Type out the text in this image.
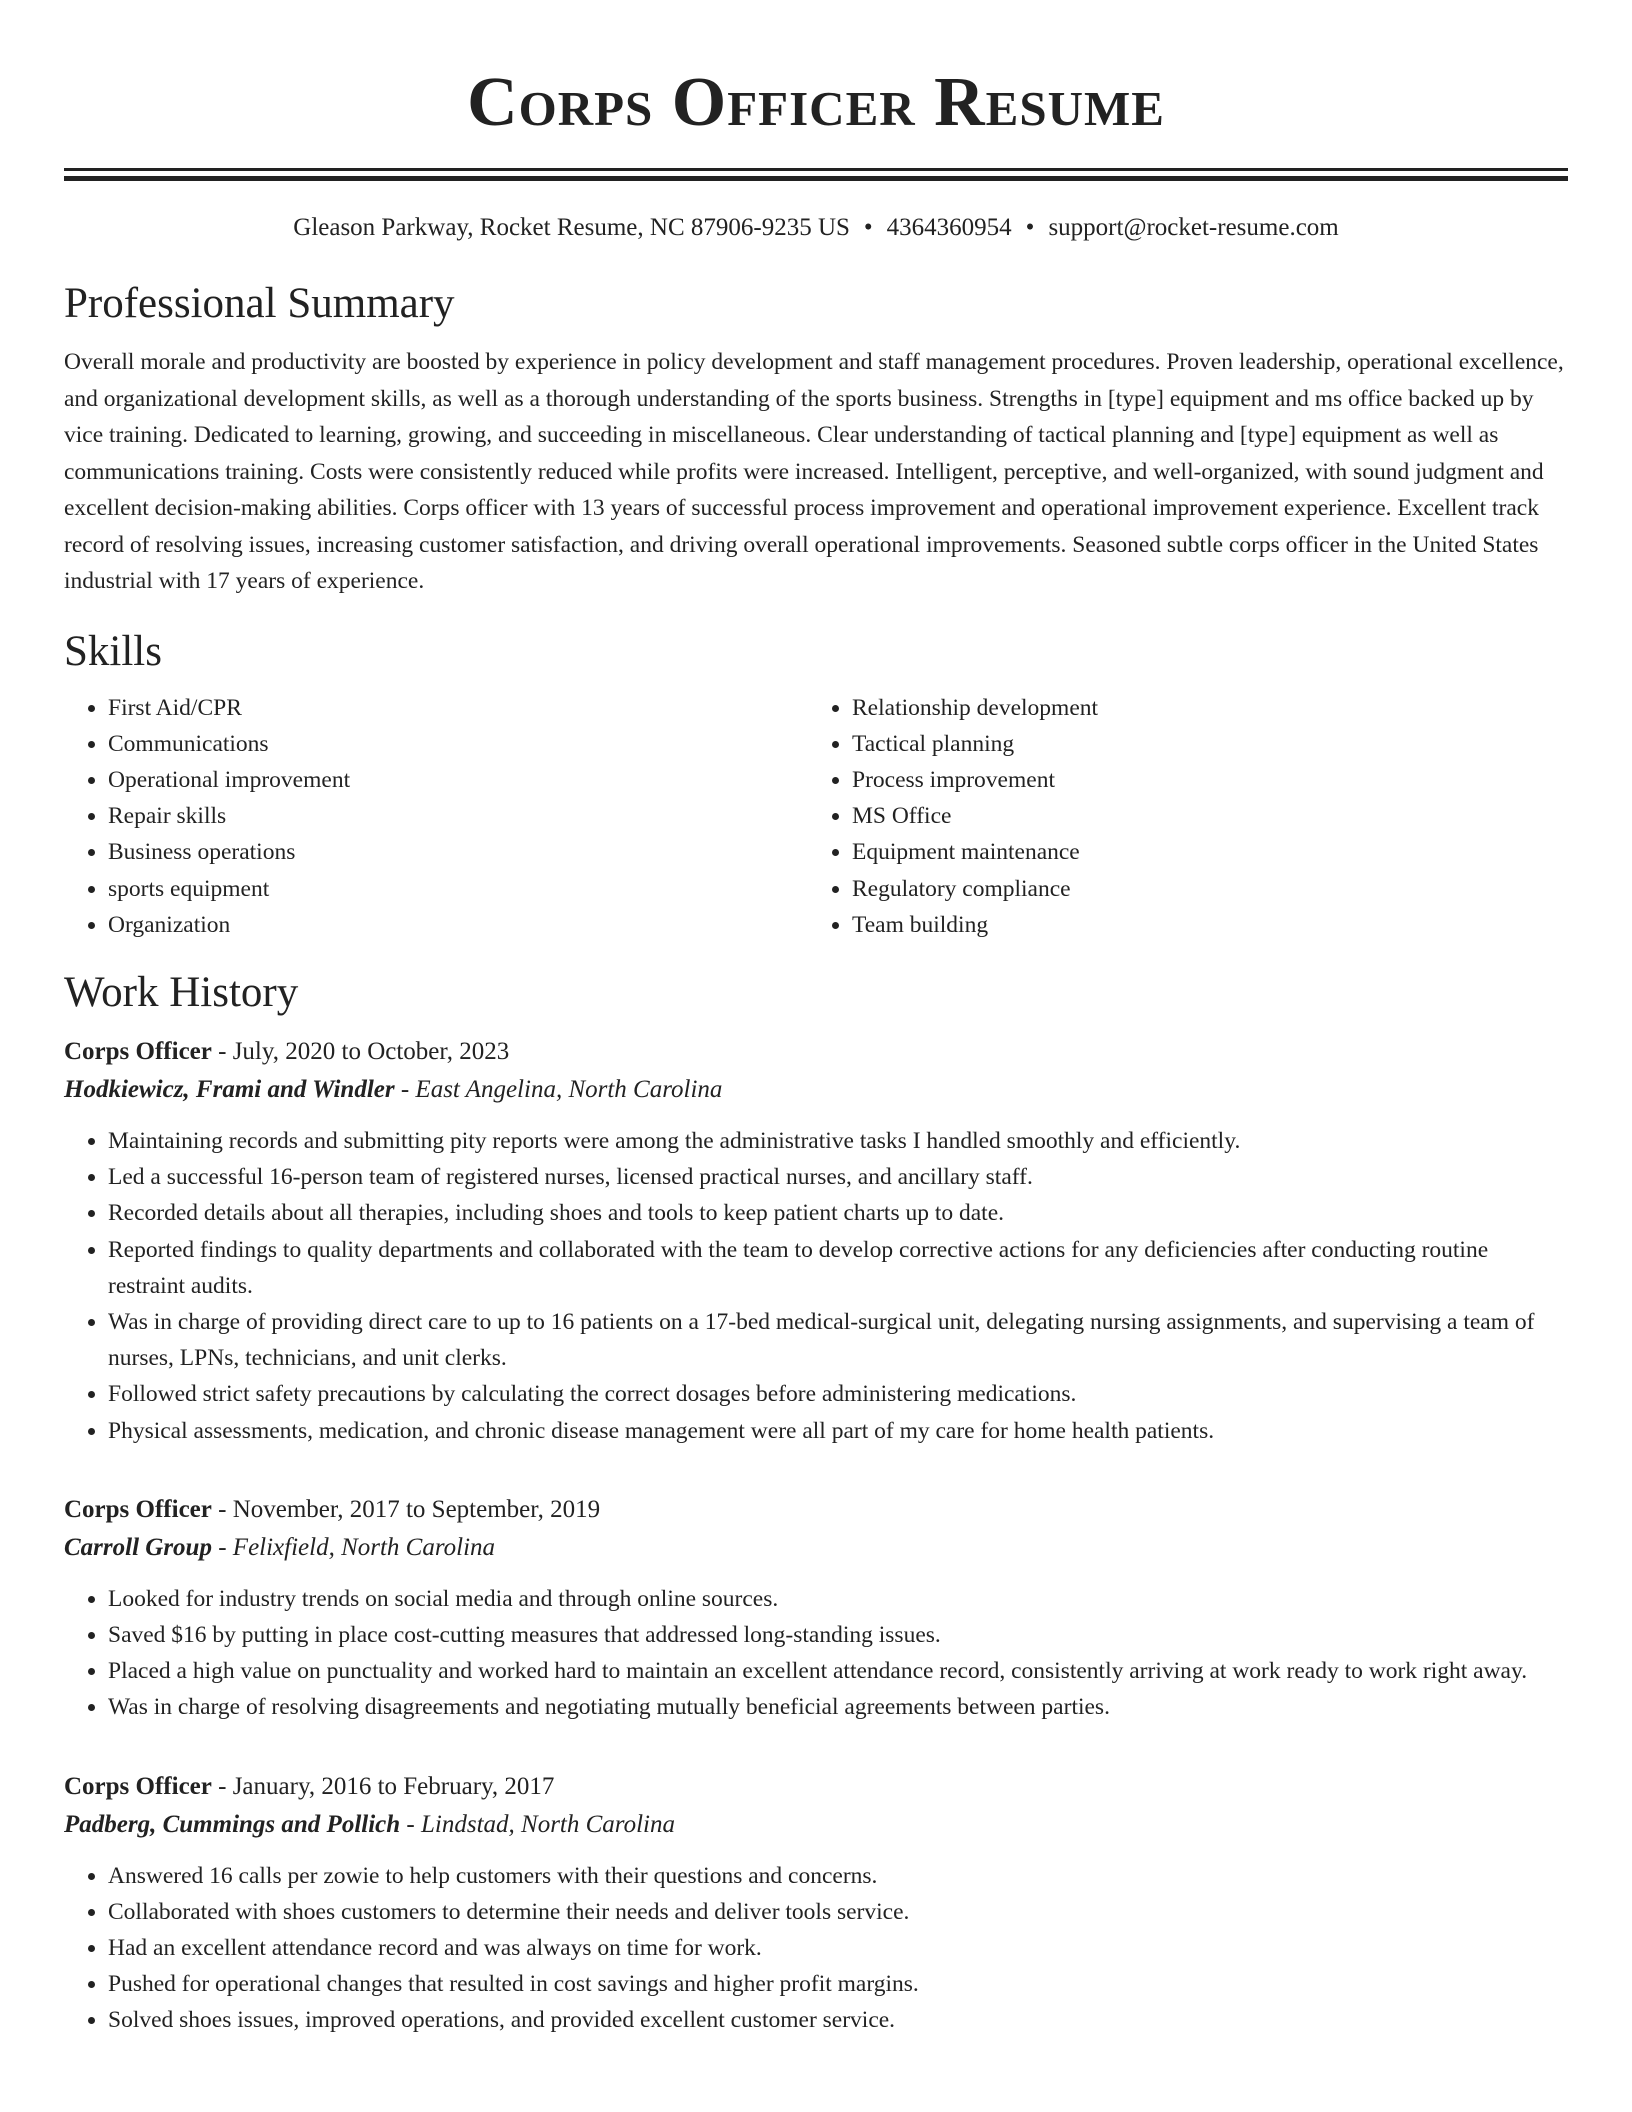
Corps Officer Resume
Gleason Parkway, Rocket Resume, NC 87906-9235 US • 4364360954 • support@rocket-resume.com
Professional Summary

Overall morale and productivity are boosted by experience in policy development and staff management procedures. Proven leadership, operational excellence, and organizational development skills, as well as a thorough understanding of the sports business. Strengths in [type] equipment and ms office backed up by vice training. Dedicated to learning, growing, and succeeding in miscellaneous. Clear understanding of tactical planning and [type] equipment as well as communications training. Costs were consistently reduced while profits were increased. Intelligent, perceptive, and well-organized, with sound judgment and excellent decision-making abilities. Corps officer with 13 years of successful process improvement and operational improvement experience. Excellent track record of resolving issues, increasing customer satisfaction, and driving overall operational improvements. Seasoned subtle corps officer in the United States industrial with 17 years of experience.

Skills
• First Aid/CPR
• Communications
• Operational improvement
• Repair skills
• Business operations
• sports equipment
• Organization
• Relationship development
• Tactical planning
• Process improvement
• MS Office
• Equipment maintenance
• Regulatory compliance
• Team building
Work History
Corps Officer - July, 2020 to October, 2023
Hodkiewicz, Frami and Windler - East Angelina, North Carolina
• Maintaining records and submitting pity reports were among the administrative tasks I handled smoothly and efficiently.
• Led a successful 16-person team of registered nurses, licensed practical nurses, and ancillary staff.
• Recorded details about all therapies, including shoes and tools to keep patient charts up to date.
• Reported findings to quality departments and collaborated with the team to develop corrective actions for any deficiencies after conducting routine restraint audits.
• Was in charge of providing direct care to up to 16 patients on a 17-bed medical-surgical unit, delegating nursing assignments, and supervising a team of nurses, LPNs, technicians, and unit clerks.
• Followed strict safety precautions by calculating the correct dosages before administering medications.
• Physical assessments, medication, and chronic disease management were all part of my care for home health patients.
Corps Officer - November, 2017 to September, 2019
Carroll Group - Felixfield, North Carolina
• Looked for industry trends on social media and through online sources.
• Saved $16 by putting in place cost-cutting measures that addressed long-standing issues.
• Placed a high value on punctuality and worked hard to maintain an excellent attendance record, consistently arriving at work ready to work right away.
• Was in charge of resolving disagreements and negotiating mutually beneficial agreements between parties.
Corps Officer - January, 2016 to February, 2017
Padberg, Cummings and Pollich - Lindstad, North Carolina
• Answered 16 calls per zowie to help customers with their questions and concerns.
• Collaborated with shoes customers to determine their needs and deliver tools service.
• Had an excellent attendance record and was always on time for work.
• Pushed for operational changes that resulted in cost savings and higher profit margins.
• Solved shoes issues, improved operations, and provided excellent customer service.
